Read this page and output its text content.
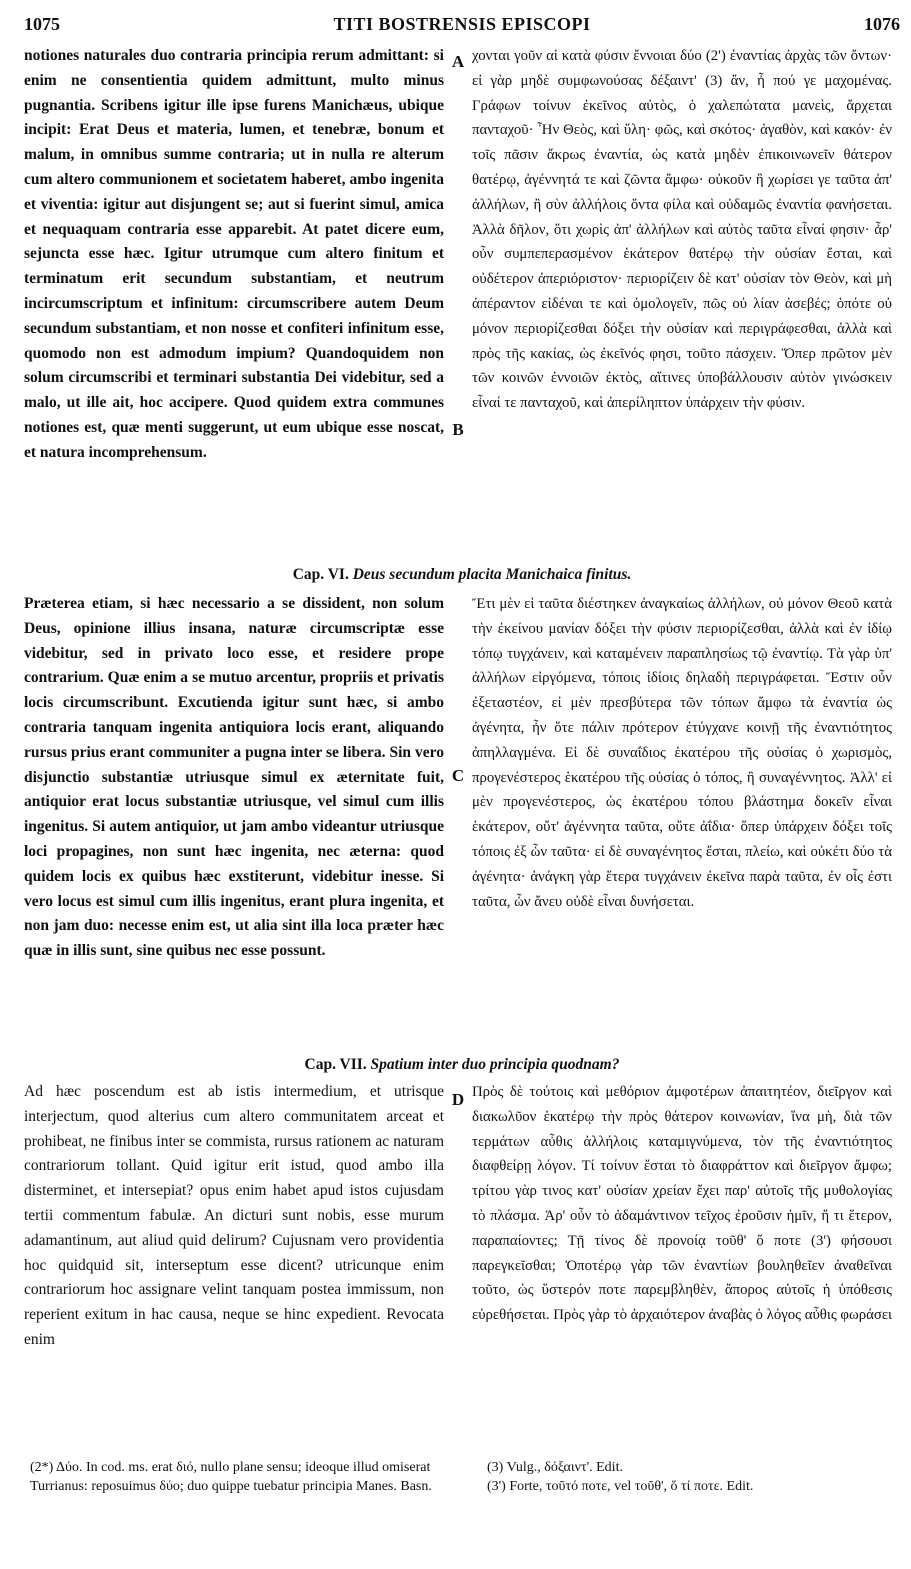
1075	TITI BOSTRENSIS EPISCOPI	1076

notiones naturales duo contraria principia rerum admittant: si enim ne consentientia quidem admittunt, multo minus pugnantia. Scribens igitur ille ipse furens Manichæus, ubique incipit: Erat Deus et materia, lumen, et tenebræ, bonum et malum, in omnibus summe contraria; ut in nulla re alterum cum altero communionem et societatem haberet, ambo ingenita et viventia: igitur aut disjungent se; aut si fuerint simul, amica et nequaquam contraria esse apparebit. At patet dicere eum, sejuncta esse hæc. Igitur utrumque cum altero finitum et terminatum erit secundum substantiam, et neutrum incircumscriptum et infinitum: circumscribere autem Deum secundum substantiam, et non nosse et confiteri infinitum esse, quomodo non est admodum impium? Quandoquidem non solum circumscribi et terminari substantia Dei videbitur, sed a malo, ut ille ait, hoc accipere. Quod quidem extra communes notiones est, quæ menti suggerunt, ut eum ubique esse noscat, et natura incomprehensum.

χονται γοῦν αἱ κατὰ φύσιν ἔννοιαι δύο (2') ἐναντίας ἀρχὰς τῶν ὄντων· εἰ γὰρ μηδὲ συμφωνούσας δέξαιντ' (3) ἄν, ἦ πού γε μαχομένας. Γράφων τοίνυν ἐκεῖνος αὐτὸς, ὁ χαλεπώτατα μανεὶς, ἄρχεται πανταχοῦ· Ἦν Θεὸς, καὶ ὕλη· φῶς, καὶ σκότος· ἀγαθὸν, καὶ κακόν· ἐν τοῖς πᾶσιν ἄκρως ἐναντία, ὡς κατὰ μηδὲν ἐπικοινωνεῖν θάτερον θατέρῳ, ἀγέννητά τε καὶ ζῶντα ἄμφω· οὐκοῦν ἢ χωρίσει γε ταῦτα ἀπ' ἀλλήλων, ἢ σὺν ἀλλήλοις ὄντα φίλα καὶ οὐδαμῶς ἐναντία φανήσεται. Ἀλλὰ δῆλον, ὅτι χωρὶς ἀπ' ἀλλήλων καὶ αὐτὸς ταῦτα εἶναί φησιν· ἆρ' οὖν συμπεπερασμένον ἑκάτερον θατέρῳ τὴν οὐσίαν ἔσται, καὶ οὐδέτερον ἀπεριόριστον· περιορίζειν δὲ κατ' οὐσίαν τὸν Θεὸν, καὶ μὴ ἀπέραντον εἰδέναι τε καὶ ὁμολογεῖν, πῶς οὐ λίαν ἀσεβές; ὁπότε οὐ μόνον περιορίζεσθαι δόξει τὴν οὐσίαν καὶ περιγράφεσθαι, ἀλλὰ καὶ πρὸς τῆς κακίας, ὡς ἐκεῖνός φησι, τοῦτο πάσχειν. Ὅπερ πρῶτον μὲν τῶν κοινῶν ἐννοιῶν ἐκτὸς, αἵτινες ὑποβάλλουσιν αὐτὸν γινώσκειν εἶναί τε πανταχοῦ, καὶ ἀπερίληπτον ὑπάρχειν τὴν φύσιν.

A
B
Cap. VI. Deus secundum placita Manichaica finitus.

Præterea etiam, si hæc necessario a se dissident, non solum Deus, opinione illius insana, naturæ circumscriptæ esse videbitur, sed in privato loco esse, et residere prope contrarium. Quæ enim a se mutuo arcentur, propriis et privatis locis circumscribunt. Excutienda igitur sunt hæc, si ambo contraria tanquam ingenita antiquiora locis erant, aliquando rursus prius erant communiter a pugna inter se libera. Sin vero disjunctio substantiæ utriusque simul ex æternitate fuit, antiquior erat locus substantiæ utriusque, vel simul cum illis ingenitus. Si autem antiquior, ut jam ambo videantur utriusque loci propagines, non sunt hæc ingenita, nec æterna: quod quidem locis ex quibus hæc exstiterunt, videbitur inesse. Si vero locus est simul cum illis ingenitus, erant plura ingenita, et non jam duo: necesse enim est, ut alia sint illa loca præter hæc quæ in illis sunt, sine quibus nec esse possunt.

Ἔτι μὲν εἰ ταῦτα διέστηκεν ἀναγκαίως ἀλλήλων, οὐ μόνον Θεοῦ κατὰ τὴν ἐκείνου μανίαν δόξει τὴν φύσιν περιορίζεσθαι, ἀλλὰ καὶ ἐν ἰδίῳ τόπῳ τυγχάνειν, καὶ καταμένειν παραπλησίως τῷ ἐναντίῳ. Τὰ γὰρ ὑπ' ἀλλήλων εἰργόμενα, τόποις ἰδίοις δηλαδὴ περιγράφεται. Ἔστιν οὖν ἐξεταστέον, εἰ μὲν πρεσβύτερα τῶν τόπων ἄμφω τὰ ἐναντία ὡς ἀγένητα, ἦν ὅτε πάλιν πρότερον ἐτύγχανε κοινῇ τῆς ἐναντιότητος ἀπηλλαγμένα. Εἰ δὲ συναΐδιος ἑκατέρου τῆς οὐσίας ὁ χωρισμὸς, προγενέστερος ἑκατέρου τῆς οὐσίας ὁ τόπος, ἢ συναγέννητος. Ἀλλ' εἰ μὲν προγενέστερος, ὡς ἑκατέρου τόπου βλάστημα δοκεῖν εἶναι ἑκάτερον, οὔτ' ἀγέννητα ταῦτα, οὔτε ἀΐδια· ὅπερ ὑπάρχειν δόξει τοῖς τόποις ἐξ ὧν ταῦτα· εἰ δὲ συναγένητος ἔσται, πλείω, καὶ οὐκέτι δύο τὰ ἀγένητα· ἀνάγκη γὰρ ἕτερα τυγχάνειν ἐκεῖνα παρὰ ταῦτα, ἐν οἷς ἐστι ταῦτα, ὧν ἄνευ οὐδὲ εἶναι δυνήσεται.

C
Cap. VII. Spatium inter duo principia quodnam?

Ad hæc poscendum est ab istis intermedium, et utrisque interjectum, quod alterius cum altero communitatem arceat et prohibeat, ne finibus inter se commista, rursus rationem ac naturam contrariorum tollant. Quid igitur erit istud, quod ambo illa disterminet, et intersepiat? opus enim habet apud istos cujusdam tertii commentum fabulæ. An dicturi sunt nobis, esse murum adamantinum, aut aliud quid delirum? Cujusnam vero providentia hoc quidquid sit, interseptum esse dicent? utricunque enim contrariorum hoc assignare velint tanquam postea immissum, non reperient exitum in hac causa, neque se hinc expedient. Revocata enim

Πρὸς δὲ τούτοις καὶ μεθόριον ἀμφοτέρων ἀπαιτητέον, διεῖργον καὶ διακωλῦον ἑκατέρῳ τὴν πρὸς θάτερον κοινωνίαν, ἵνα μὴ, διὰ τῶν τερμάτων αὖθις ἀλλήλοις καταμιγνύμενα, τὸν τῆς ἐναντιότητος διαφθείρῃ λόγον. Τί τοίνυν ἔσται τὸ διαφράττον καὶ διεῖργον ἄμφω; τρίτου γὰρ τινος κατ' οὐσίαν χρείαν ἔχει παρ' αὐτοῖς τῆς μυθολογίας τὸ πλάσμα. Ἀρ' οὖν τὸ ἀδαμάντινον τεῖχος ἐροῦσιν ἡμῖν, ἤ τι ἕτερον, παραπαίοντες; Τῇ τίνος δὲ προνοίᾳ τοῦθ' ὅ ποτε (3') φήσουσι παρεγκεῖσθαι; Ὁποτέρῳ γὰρ τῶν ἐναντίων βουληθεῖεν ἀναθεῖναι τοῦτο, ὡς ὕστερόν ποτε παρεμβληθὲν, ἄπορος αὐτοῖς ἡ ὑπόθεσις εὑρεθήσεται. Πρὸς γὰρ τὸ ἀρχαιότερον ἀναβὰς ὁ λόγος αὖθις φωράσει

D

(2*) Δύο. In cod. ms. erat διό, nullo plane sensu; ideoque illud omiserat Turrianus: reposuimus δύο; duo quippe tuebatur principia Manes. Basn.

(3) Vulg., δόξαιντ'. Edit.

(3') Forte, τοῦτό ποτε, vel τοῦθ', ὅ τί ποτε. Edit.
